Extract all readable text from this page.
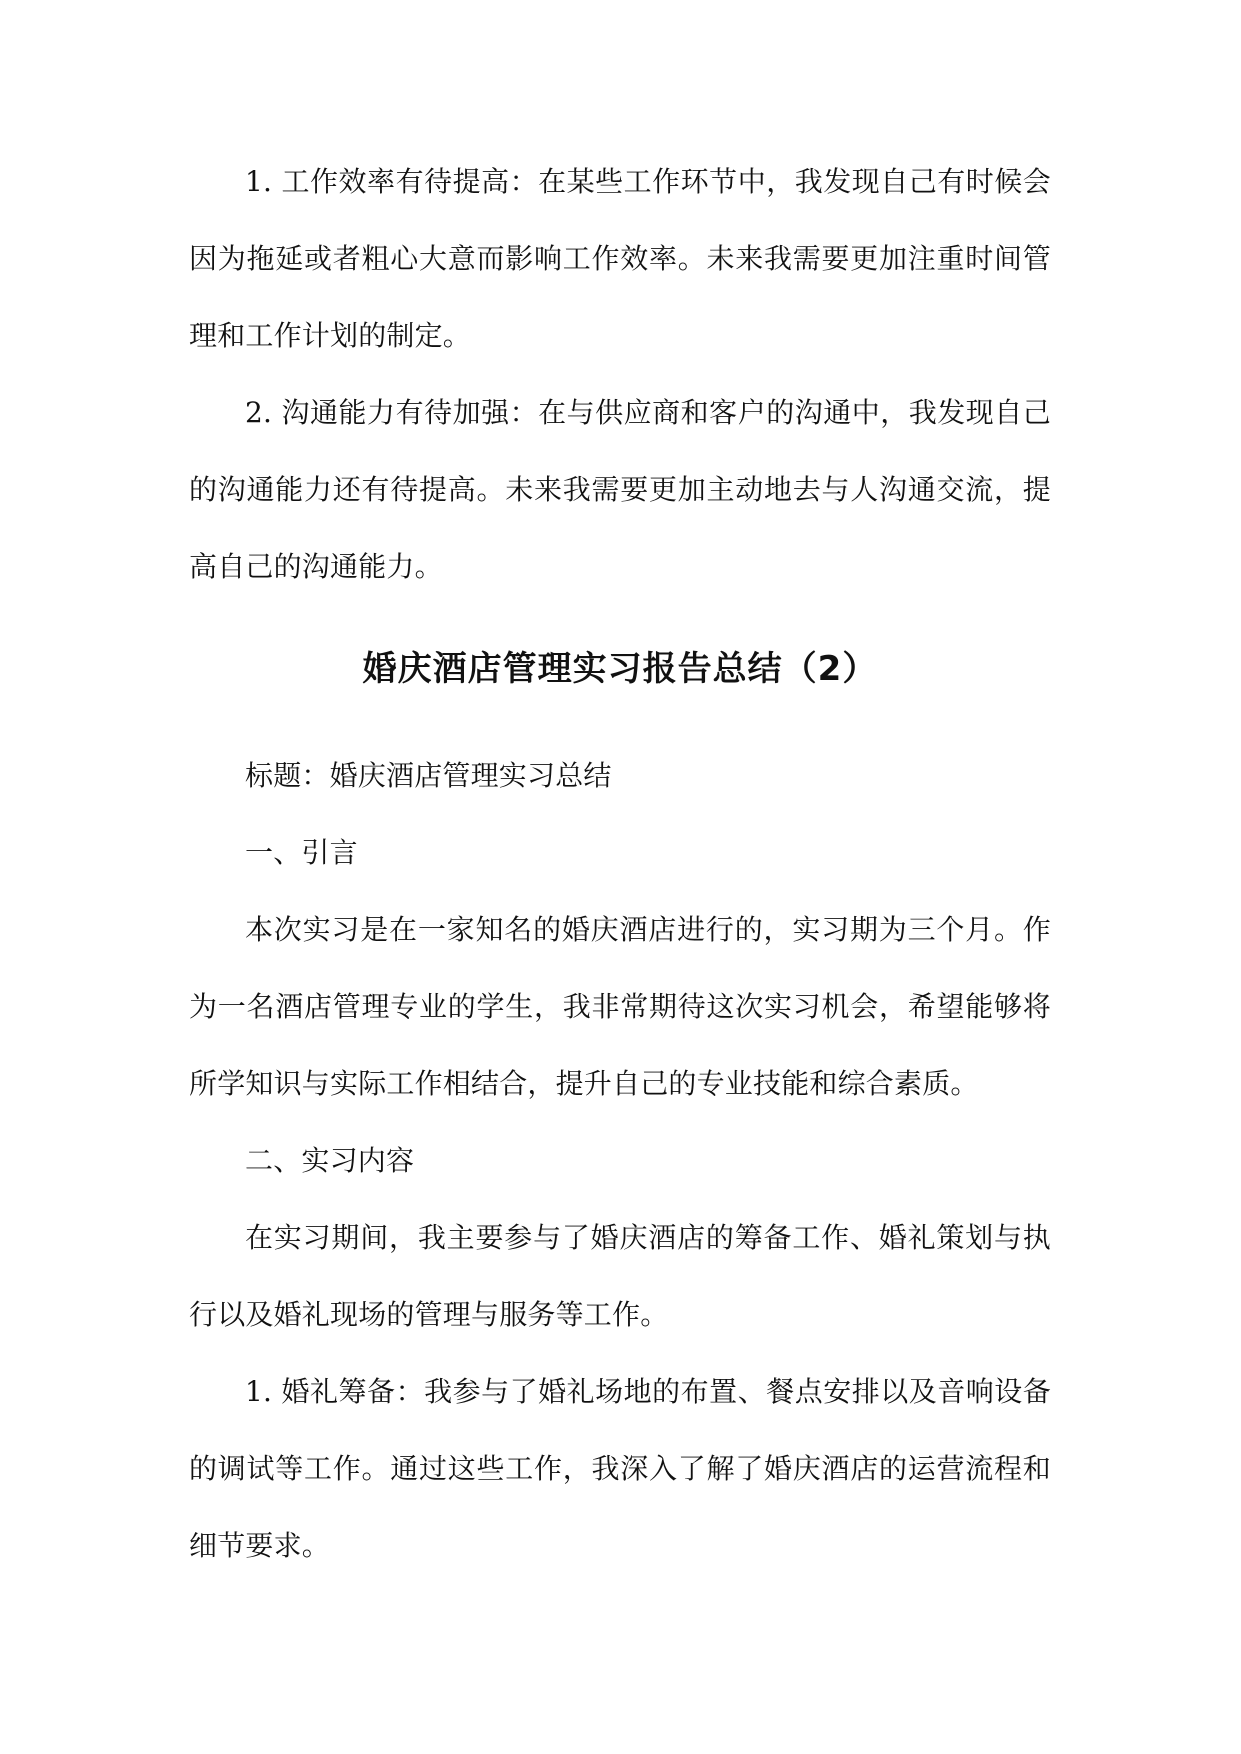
1. 工作效率有待提高：在某些工作环节中，我发现自己有时候会因为拖延或者粗心大意而影响工作效率。未来我需要更加注重时间管理和工作计划的制定。

2. 沟通能力有待加强：在与供应商和客户的沟通中，我发现自己的沟通能力还有待提高。未来我需要更加主动地去与人沟通交流，提高自己的沟通能力。

婚庆酒店管理实习报告总结（2）

标题：婚庆酒店管理实习总结

一、引言

本次实习是在一家知名的婚庆酒店进行的，实习期为三个月。作为一名酒店管理专业的学生，我非常期待这次实习机会，希望能够将所学知识与实际工作相结合，提升自己的专业技能和综合素质。

二、实习内容

在实习期间，我主要参与了婚庆酒店的筹备工作、婚礼策划与执行以及婚礼现场的管理与服务等工作。

1. 婚礼筹备：我参与了婚礼场地的布置、餐点安排以及音响设备的调试等工作。通过这些工作，我深入了解了婚庆酒店的运营流程和细节要求。
